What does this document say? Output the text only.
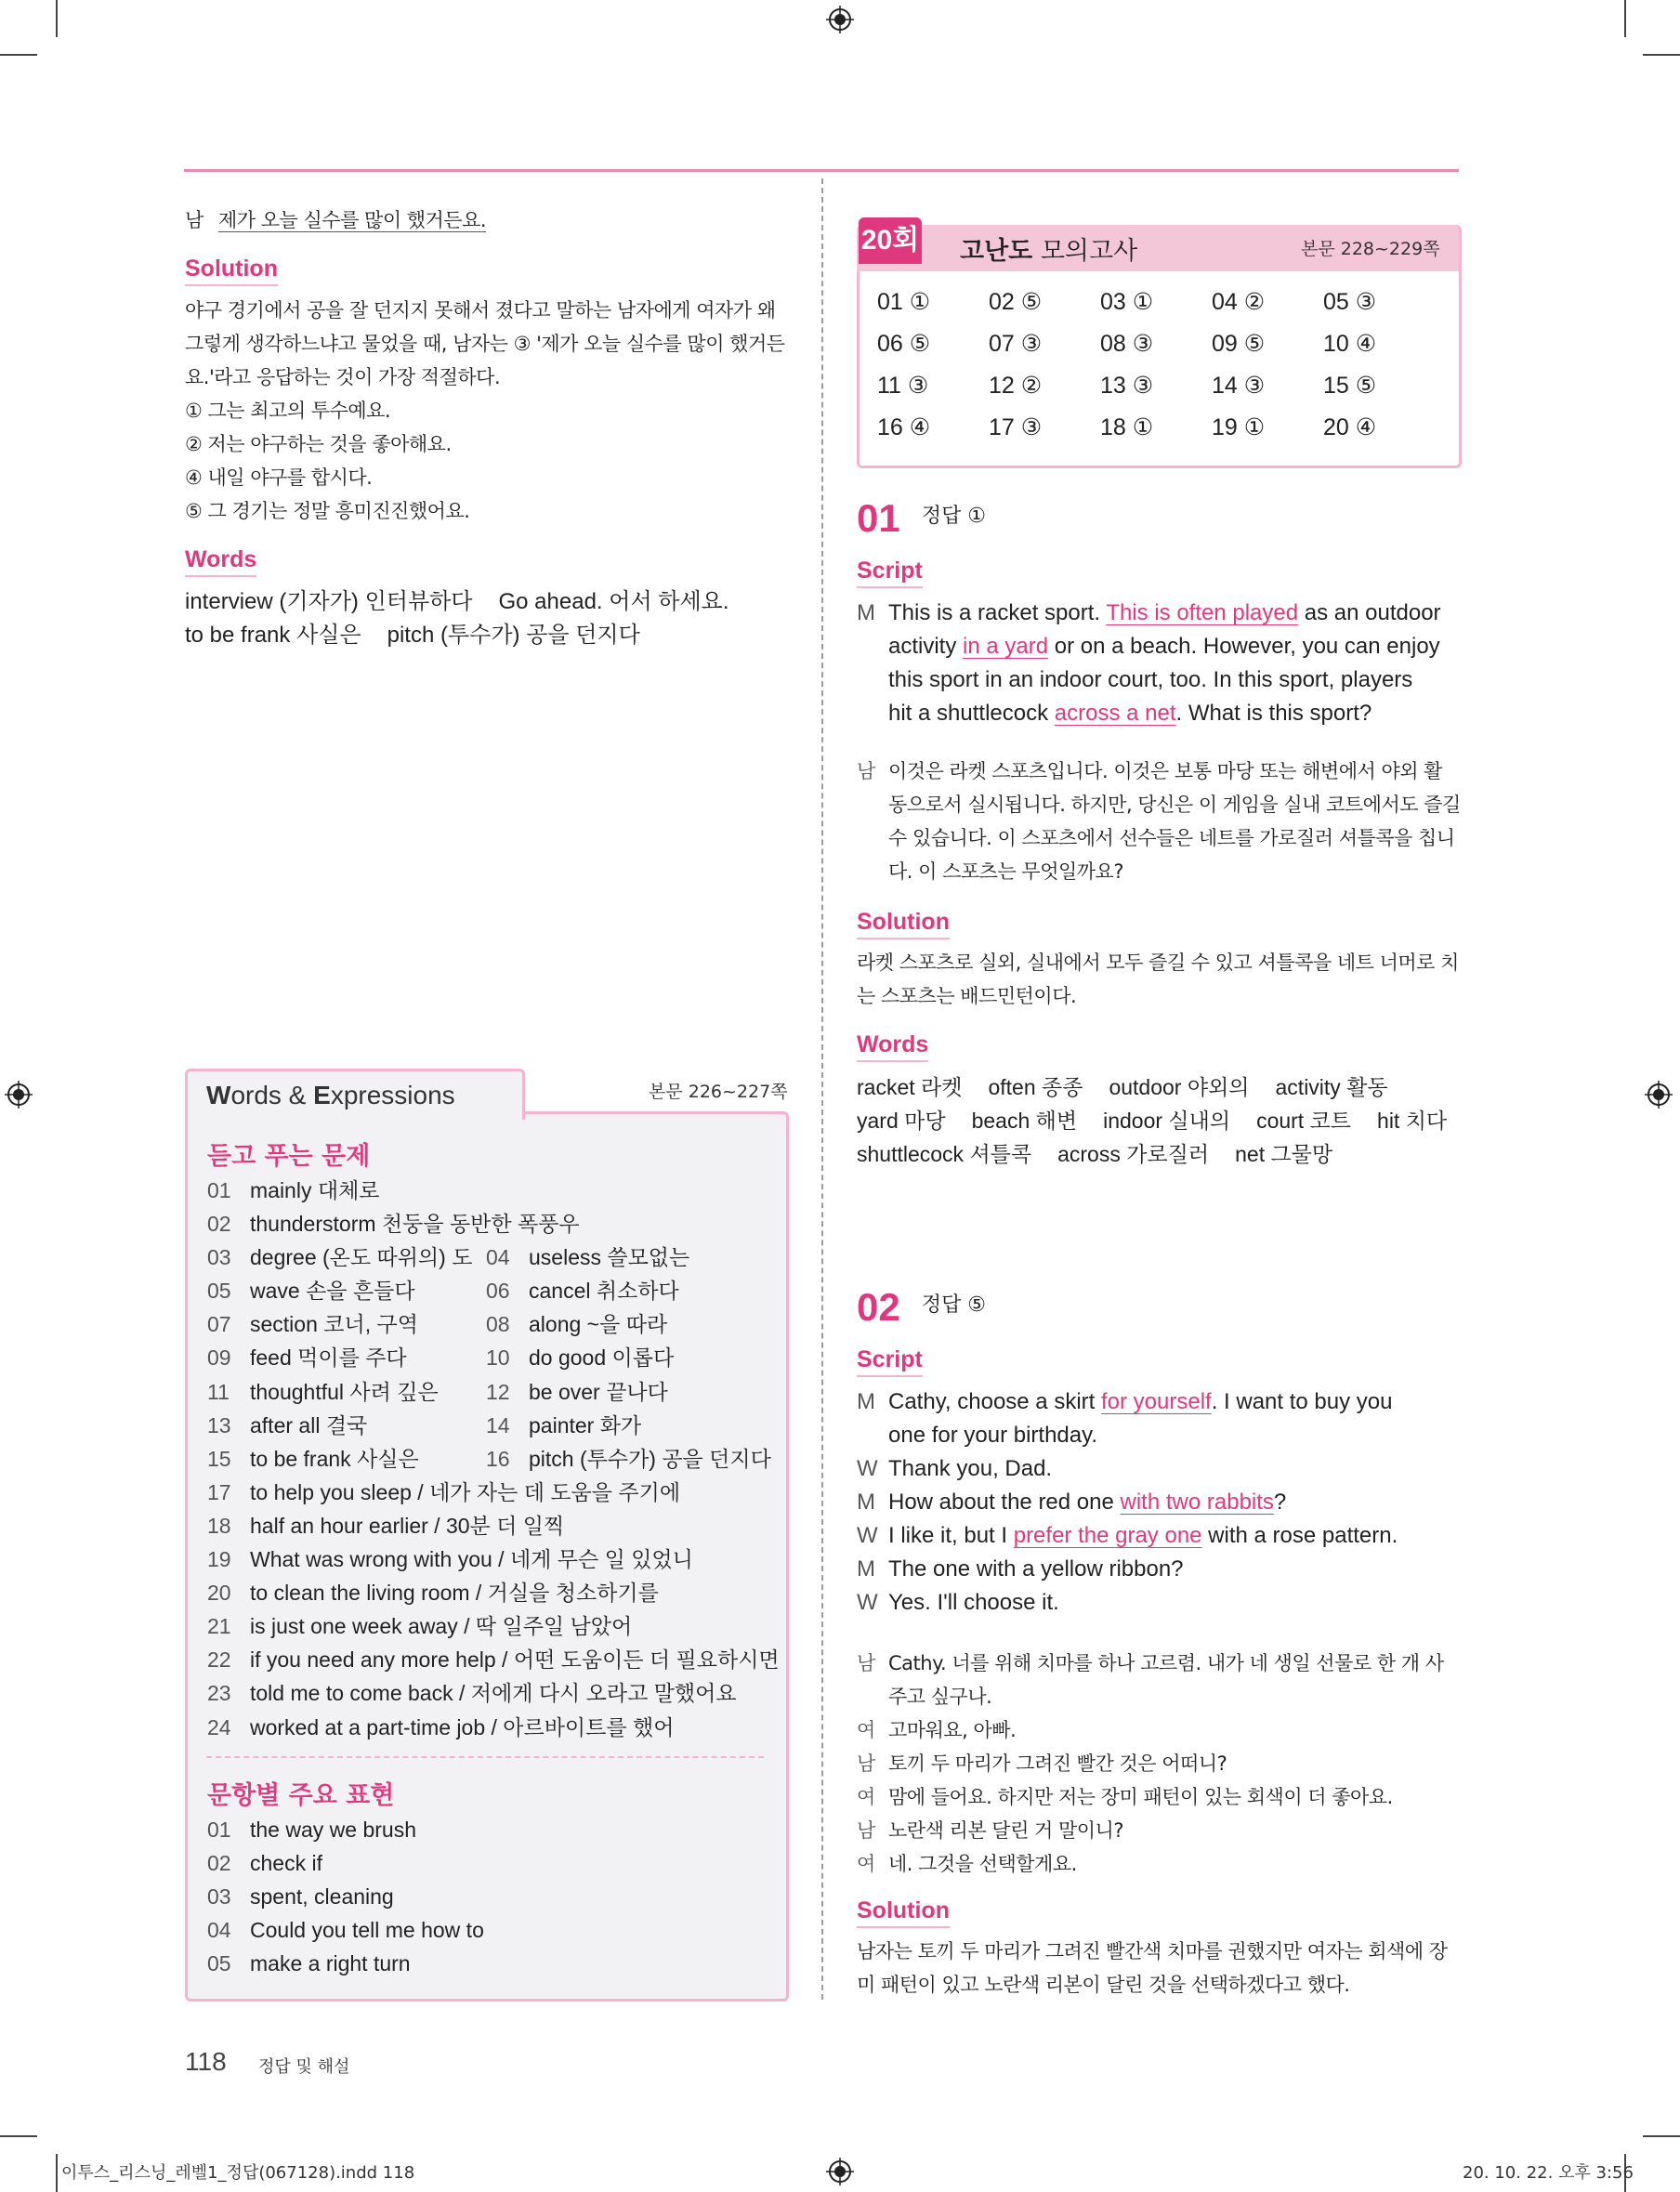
남 제가 오늘 실수를 많이 했거든요.
Solution
야구 경기에서 공을 잘 던지지 못해서 졌다고 말하는 남자에게 여자가 왜
그렇게 생각하느냐고 물었을 때, 남자는 ③ '제가 오늘 실수를 많이 했거든
요.'라고 응답하는 것이 가장 적절하다.
① 그는 최고의 투수예요.
② 저는 야구하는 것을 좋아해요.
④ 내일 야구를 합시다.
⑤ 그 경기는 정말 흥미진진했어요.
Words
interview (기자가) 인터뷰하다 Go ahead. 어서 하세요.
to be frank 사실은 pitch (투수가) 공을 던지다
Words & Expressions	본문 226~227쪽
듣고 푸는 문제
01 mainly 대체로
02 thunderstorm 천둥을 동반한 폭풍우
03 degree (온도 따위의) 도 04 useless 쓸모없는
05 wave 손을 흔들다	06 cancel 취소하다
07 section 코너, 구역	08 along ~을 따라
09 feed 먹이를 주다	10 do good 이롭다
11 thoughtful 사려 깊은 12 be over 끝나다
13 after all 결국	14 painter 화가
15 to be frank 사실은	16 pitch (투수가) 공을 던지다
17 to help you sleep / 네가 자는 데 도움을 주기에
18 half an hour earlier / 30분 더 일찍
19 What was wrong with you / 네게 무슨 일 있었니
20 to clean the living room / 거실을 청소하기를
21 is just one week away / 딱 일주일 남았어
22 if you need any more help / 어떤 도움이든 더 필요하시면
23 told me to come back / 저에게 다시 오라고 말했어요
24 worked at a part-time job / 아르바이트를 했어
문항별 주요 표현
01 the way we brush
02 check if
03 spent, cleaning
04 Could you tell me how to
05 make a right turn
20회 고난도 모의고사	본문 228~229쪽
01 ①	02 ⑤	03 ①	04 ②	05 ③
06 ⑤	07 ③	08 ③	09 ⑤	10 ④
11 ③	12 ②	13 ③	14 ③	15 ⑤
16 ④	17 ③	18 ①	19 ①	20 ④
01 정답 ①
Script
M This is a racket sport. This is often played as an outdoor
activity in a yard or on a beach. However, you can enjoy
this sport in an indoor court, too. In this sport, players
hit a shuttlecock across a net. What is this sport?
남 이것은 라켓 스포츠입니다. 이것은 보통 마당 또는 해변에서 야외 활
동으로서 실시됩니다. 하지만, 당신은 이 게임을 실내 코트에서도 즐길
수 있습니다. 이 스포츠에서 선수들은 네트를 가로질러 셔틀콕을 칩니
다. 이 스포츠는 무엇일까요?
Solution
라켓 스포츠로 실외, 실내에서 모두 즐길 수 있고 셔틀콕을 네트 너머로 치
는 스포츠는 배드민턴이다.
Words
racket 라켓 often 종종 outdoor 야외의 activity 활동
yard 마당 beach 해변 indoor 실내의 court 코트 hit 치다
shuttlecock 셔틀콕 across 가로질러 net 그물망
02 정답 ⑤
Script
M Cathy, choose a skirt for yourself. I want to buy you
one for your birthday.
W Thank you, Dad.
M How about the red one with two rabbits?
W I like it, but I prefer the gray one with a rose pattern.
M The one with a yellow ribbon?
W Yes. I'll choose it.
남 Cathy. 너를 위해 치마를 하나 고르렴. 내가 네 생일 선물로 한 개 사
주고 싶구나.
여 고마워요, 아빠.
남 토끼 두 마리가 그려진 빨간 것은 어떠니?
여 맘에 들어요. 하지만 저는 장미 패턴이 있는 회색이 더 좋아요.
남 노란색 리본 달린 거 말이니?
여 네. 그것을 선택할게요.
Solution
남자는 토끼 두 마리가 그려진 빨간색 치마를 권했지만 여자는 회색에 장
미 패턴이 있고 노란색 리본이 달린 것을 선택하겠다고 했다.
118 정답 및 해설
이투스_리스닝_레벨1_정답(067128).indd 118	20. 10. 22. 오후 3:56
